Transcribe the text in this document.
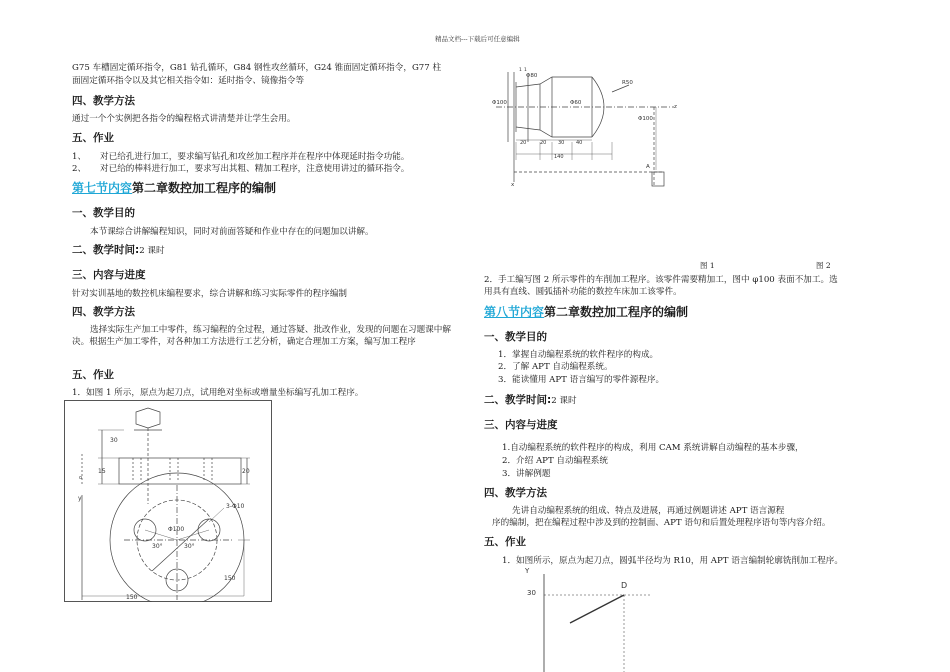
精品文档---下载后可任意编辑
G75 车槽固定循环指令，G81 钻孔循环，G84 钢性攻丝循环，G24 锥面固定循环指令，G77 柱
面固定循环指令以及其它相关指令如：延时指令、镜像指令等
四、教学方法
通过一个个实例把各指令的编程格式讲清楚并让学生会用。
五、作业
1、 对已给孔进行加工，要求编写钻孔和攻丝加工程序并在程序中体现延时指令功能。
2、 对已给的棒料进行加工，要求写出其粗、精加工程序，注意使用讲过的循环指令。
第七节内容第二章数控加工程序的编制
一、教学目的
本节课综合讲解编程知识，同时对前面答疑和作业中存在的问题加以讲解。
二、教学时间:2 课时
三、内容与进度
针对实训基地的数控机床编程要求，综合讲解和练习实际零件的程序编制
四、教学方法
选择实际生产加工中零件，练习编程的全过程，通过答疑、批改作业，发现的问题在习题课中解决。根据生产加工零件，对各种加工方法进行工艺分析，确定合理加工方案，编写加工程序
五、作业
1．如图 1 所示，原点为起刀点，试用绝对坐标或增量坐标编写孔加工程序。
30
15	20
y
o
Φ100
3-Φ10
30°	30°
150
150
Φ80
1 1
Φ100	Φ60
R50
Φ100
z
20	20 30 40
140
A
x
图 1	图 2
2．手工编写图 2 所示零件的车削加工程序。该零件需要精加工，图中 φ100 表面不加工。选
用具有直线、圆弧插补功能的数控车床加工该零件。
第八节内容第二章数控加工程序的编制
一、教学目的
1．掌握自动编程系统的软件程序的构成。
2．了解 APT 自动编程系统。
3．能读懂用 APT 语言编写的零件源程序。
二、教学时间:2 课时
三、内容与进度
1.自动编程系统的软件程序的构成，利用 CAM 系统讲解自动编程的基本步骤，
2．介绍 APT 自动编程系统
3．讲解例题
四、教学方法
先讲自动编程系统的组成、特点及进展，再通过例题讲述 APT 语言源程
序的编制，把在编程过程中涉及到的控制面、APT 语句和后置处理程序语句等内容介绍。
五、作业
1．如图所示，原点为起刀点，圆弧半径均为 R10，用 APT 语言编制轮廓铣削加工程序。
Y
D
30
